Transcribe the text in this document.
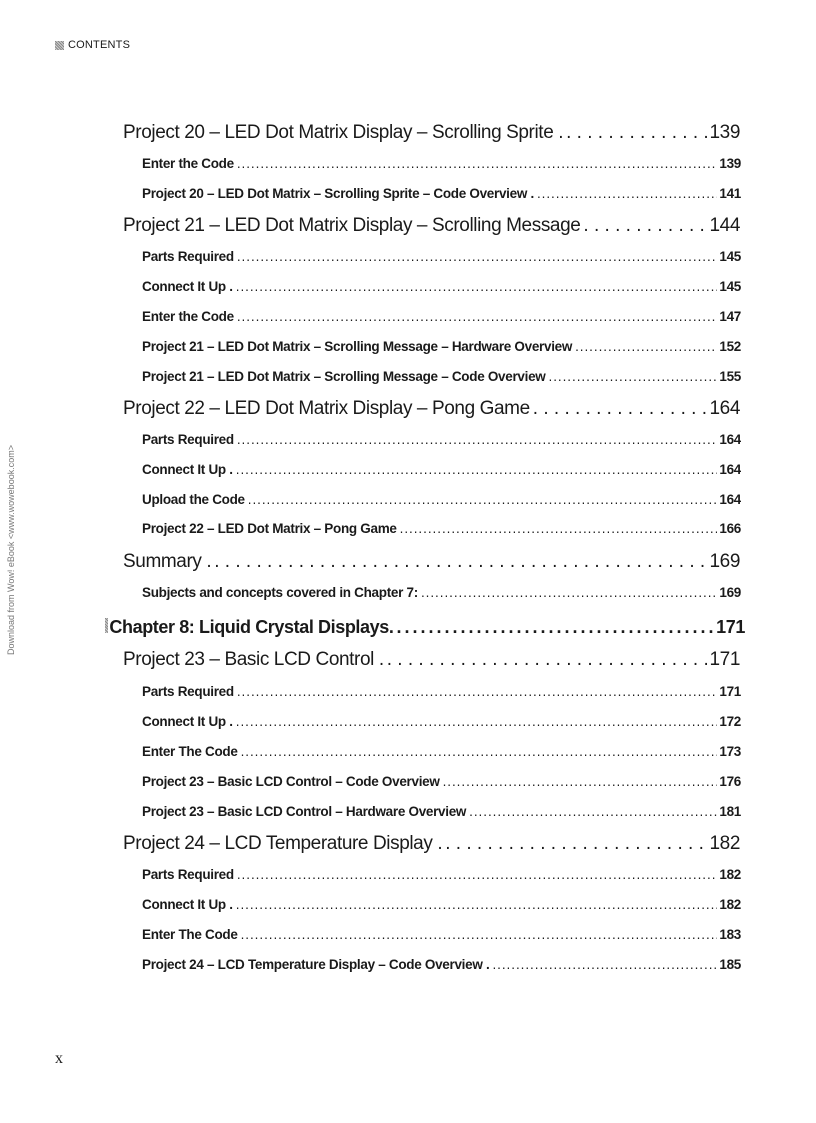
CONTENTS
Download from Wow! eBook <www.wowebook.com>
Project 20 – LED Dot Matrix Display – Scrolling Sprite . . . .	139
Enter the Code . . .	139
Project 20 – LED Dot Matrix – Scrolling Sprite – Code Overview . . . .	141
Project 21 – LED Dot Matrix Display – Scrolling Message . . .	144
Parts Required . . .	145
Connect It Up . . . .	145
Enter the Code . . .	147
Project 21 – LED Dot Matrix – Scrolling Message – Hardware Overview . . .	152
Project 21 – LED Dot Matrix – Scrolling Message – Code Overview . . .	155
Project 22 – LED Dot Matrix Display – Pong Game . . .	164
Parts Required . . .	164
Connect It Up . . . .	164
Upload the Code . . .	164
Project 22 – LED Dot Matrix – Pong Game . . .	166
Summary . . . .	169
Subjects and concepts covered in Chapter 7: . . .	169
Chapter 8: Liquid Crystal Displays. . . .	171
Project 23 – Basic LCD Control . . . .	171
Parts Required . . .	171
Connect It Up . . . .	172
Enter The Code . . .	173
Project 23 – Basic LCD Control – Code Overview . . .	176
Project 23 – Basic LCD Control – Hardware Overview . . .	181
Project 24 – LCD Temperature Display . . . .	182
Parts Required . . .	182
Connect It Up . . . .	182
Enter The Code . . .	183
Project 24 – LCD Temperature Display – Code Overview . . . .	185
x
